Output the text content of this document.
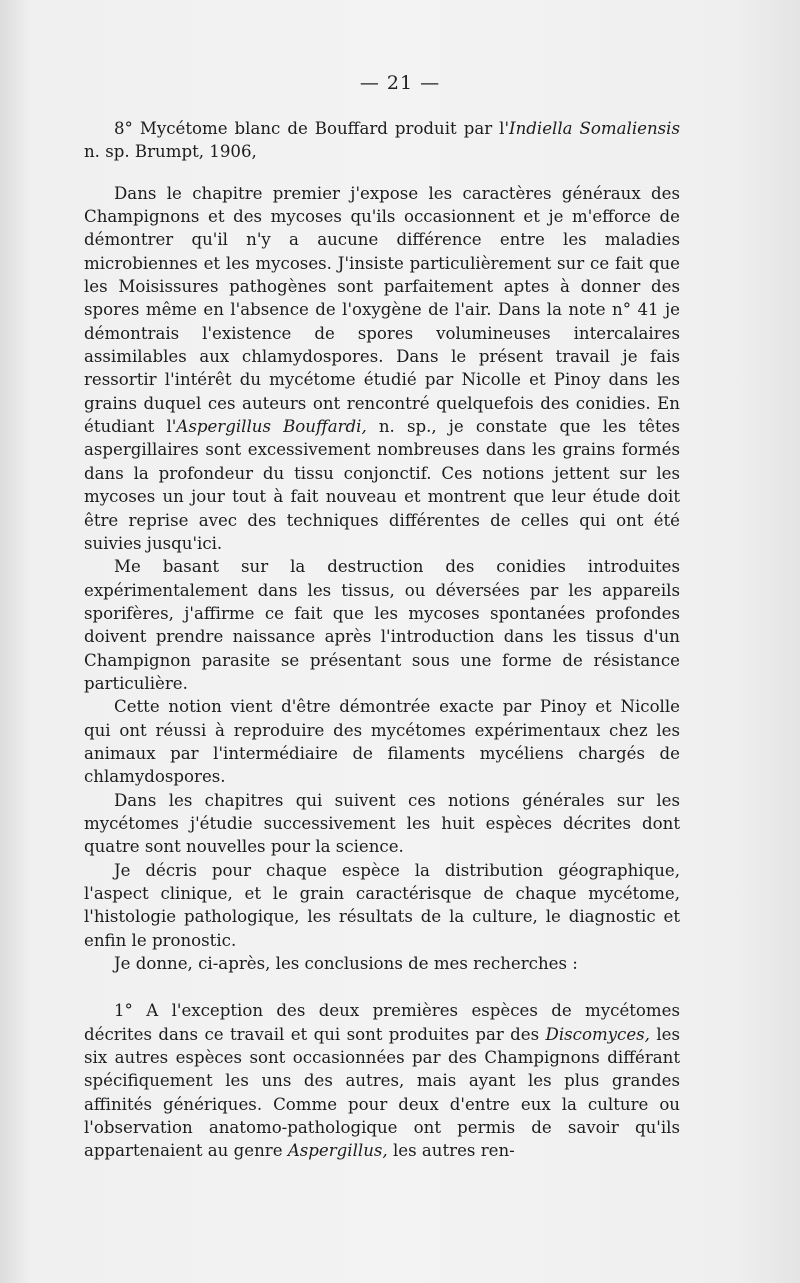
— 21 —

8° Mycétome blanc de Bouffard produit par l'Indiella Somaliensis n. sp. Brumpt, 1906,

Dans le chapitre premier j'expose les caractères généraux des Champignons et des mycoses qu'ils occasionnent et je m'efforce de démontrer qu'il n'y a aucune différence entre les maladies microbiennes et les mycoses. J'insiste particulièrement sur ce fait que les Moisissures pathogènes sont parfaitement aptes à donner des spores même en l'absence de l'oxygène de l'air. Dans la note n° 41 je démontrais l'existence de spores volumineuses intercalaires assimilables aux chlamydospores. Dans le présent travail je fais ressortir l'intérêt du mycétome étudié par Nicolle et Pinoy dans les grains duquel ces auteurs ont rencontré quelquefois des conidies. En étudiant l'Aspergillus Bouffardi, n. sp., je constate que les têtes aspergillaires sont excessivement nombreuses dans les grains formés dans la profondeur du tissu conjonctif. Ces notions jettent sur les mycoses un jour tout à fait nouveau et montrent que leur étude doit être reprise avec des techniques différentes de celles qui ont été suivies jusqu'ici.

Me basant sur la destruction des conidies introduites expérimentalement dans les tissus, ou déversées par les appareils sporifères, j'affirme ce fait que les mycoses spontanées profondes doivent prendre naissance après l'introduction dans les tissus d'un Champignon parasite se présentant sous une forme de résistance particulière.

Cette notion vient d'être démontrée exacte par Pinoy et Nicolle qui ont réussi à reproduire des mycétomes expérimentaux chez les animaux par l'intermédiaire de filaments mycéliens chargés de chlamydospores.

Dans les chapitres qui suivent ces notions générales sur les mycétomes j'étudie successivement les huit espèces décrites dont quatre sont nouvelles pour la science.

Je décris pour chaque espèce la distribution géographique, l'aspect clinique, et le grain caractérisque de chaque mycétome, l'histologie pathologique, les résultats de la culture, le diagnostic et enfin le pronostic.

Je donne, ci-après, les conclusions de mes recherches :

1° A l'exception des deux premières espèces de mycétomes décrites dans ce travail et qui sont produites par des Discomyces, les six autres espèces sont occasionnées par des Champignons différant spécifiquement les uns des autres, mais ayant les plus grandes affinités génériques. Comme pour deux d'entre eux la culture ou l'observation anatomo-pathologique ont permis de savoir qu'ils appartenaient au genre Aspergillus, les autres ren-
